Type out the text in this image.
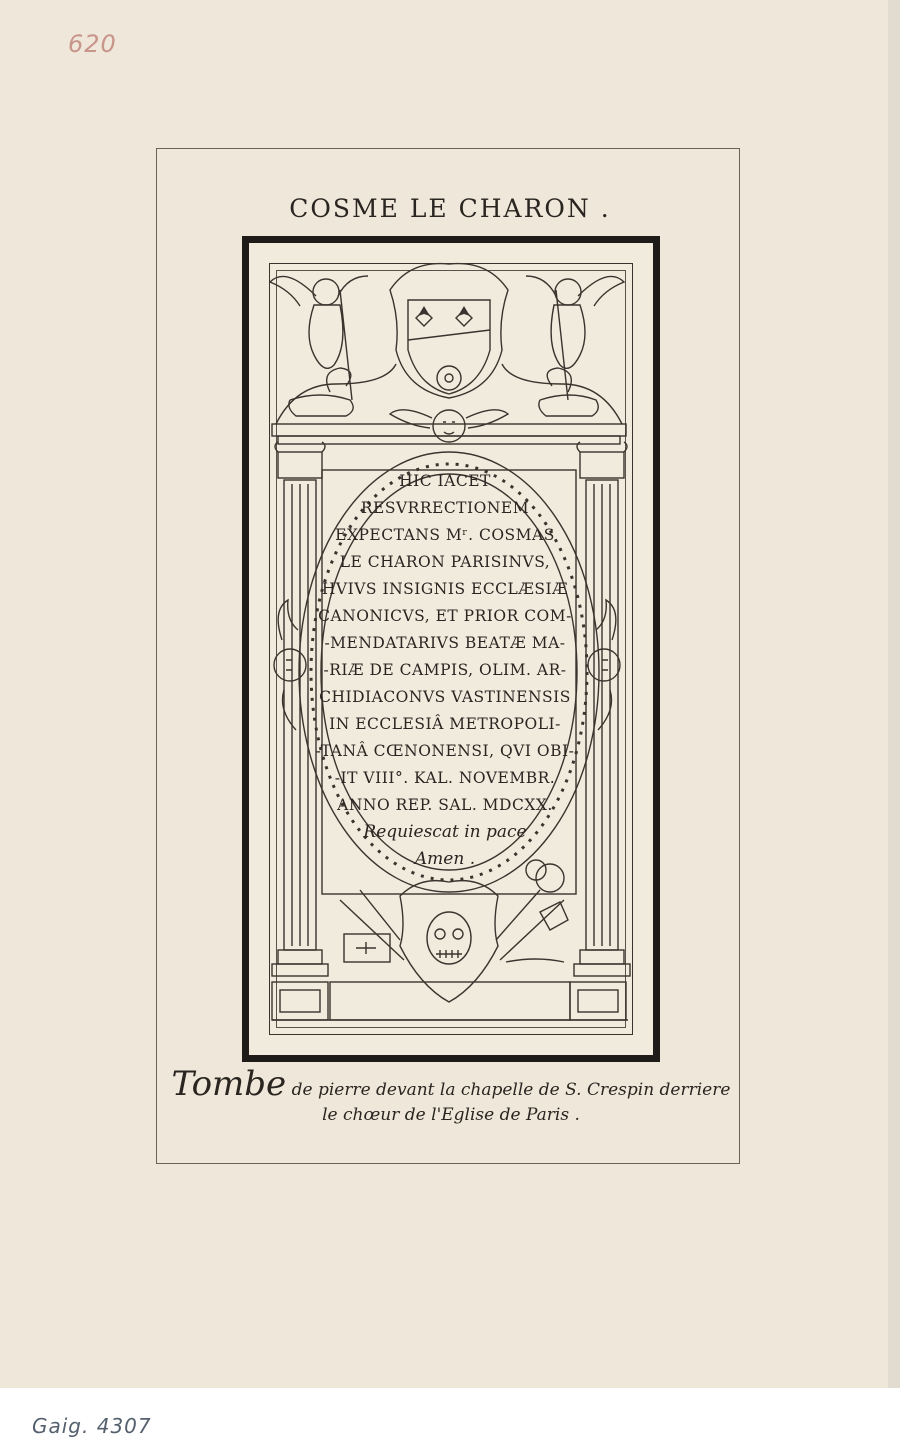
620
COSME LE CHARON .
HIC IACET
RESVRRECTIONEM
EXPECTANS Mʳ. COSMAS
LE CHARON PARISINVS,
HVIVS INSIGNIS ECCLÆSIÆ
CANONICVS, ET PRIOR COM-
-MENDATARIVS BEATÆ MA-
-RIÆ DE CAMPIS, OLIM. AR-
CHIDIACONVS VASTINENSIS
IN ECCLESIÂ METROPOLI-
-TANÂ CŒNONENSI, QVI OBI-
-IT VIII°. KAL. NOVEMBR.
ANNO REP. SAL. MDCXX.
Requiescat in pace
Amen .
Tombe de pierre devant la chapelle de S. Crespin derriere
le chœur de l'Eglise de Paris .
Gaig. 4307
